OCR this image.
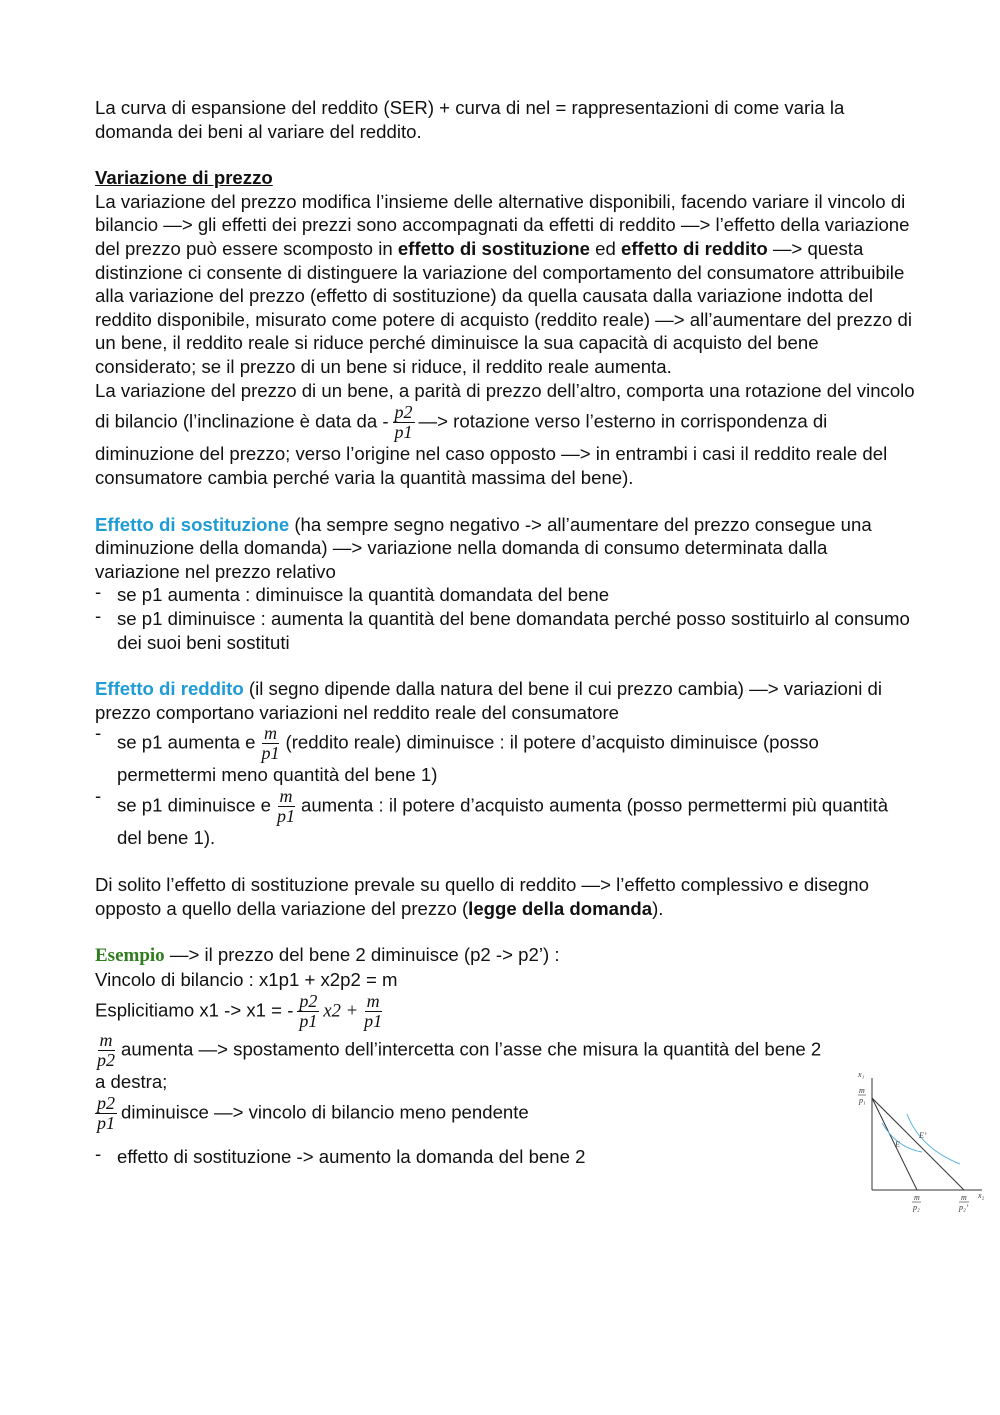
La curva di espansione del reddito (SER) + curva di nel = rappresentazioni di come varia la domanda dei beni al variare del reddito.

Variazione di prezzo

La variazione del prezzo modifica l’insieme delle alternative disponibili, facendo variare il vincolo di bilancio —> gli effetti dei prezzi sono accompagnati da effetti di reddito —> l’effetto della variazione del prezzo può essere scomposto in effetto di sostituzione ed effetto di reddito —> questa distinzione ci consente di distinguere la variazione del comportamento del consumatore attribuibile alla variazione del prezzo (effetto di sostituzione) da quella causata dalla variazione indotta del reddito disponibile, misurato come potere di acquisto (reddito reale) —> all’aumentare del prezzo di un bene, il reddito reale si riduce perché diminuisce la sua capacità di acquisto del bene considerato; se il prezzo di un bene si riduce, il reddito reale aumenta.

La variazione del prezzo di un bene, a parità di prezzo dell’altro, comporta una rotazione del vincolo di bilancio (l’inclinazione è data da - $\frac{p2}{p1}$ —> rotazione verso l’esterno in corrispondenza di diminuzione del prezzo; verso l’origine nel caso opposto —> in entrambi i casi il reddito reale del consumatore cambia perché varia la quantità massima del bene).

Effetto di sostituzione (ha sempre segno negativo -> all’aumentare del prezzo consegue una diminuzione della domanda) —> variazione nella domanda di consumo determinata dalla variazione nel prezzo relativo

- se p1 aumenta : diminuisce la quantità domandata del bene
- se p1 diminuisce : aumenta la quantità del bene domandata perché posso sostituirlo al consumo dei suoi beni sostituti

Effetto di reddito (il segno dipende dalla natura del bene il cui prezzo cambia) —> variazioni di prezzo comportano variazioni nel reddito reale del consumatore

- se p1 aumenta e $\frac{m}{p1}$ (reddito reale) diminuisce : il potere d’acquisto diminuisce (posso permettermi meno quantità del bene 1)
- se p1 diminuisce e $\frac{m}{p1}$ aumenta : il potere d’acquisto aumenta (posso permettermi più quantità del bene 1).

Di solito l’effetto di sostituzione prevale su quello di reddito —> l’effetto complessivo e disegno opposto a quello della variazione del prezzo (legge della domanda).

Esempio —> il prezzo del bene 2 diminuisce (p2 -> p2’) :

Vincolo di bilancio : x1p1 + x2p2 = m

Esplicitiamo x1 -> x1 = - $\frac{p2}{p1} x2 + \frac{m}{p1}$

$\frac{m}{p2}$ aumenta —> spostamento dell’intercetta con l’asse che misura la quantità del bene 2 a destra;

$\frac{p2}{p1}$ diminuisce —> vincolo di bilancio meno pendente

- effetto di sostituzione -> aumento la domanda del bene 2
x₁
x₂
m
p₁
E
E’
m
p₂
m
p₂’
